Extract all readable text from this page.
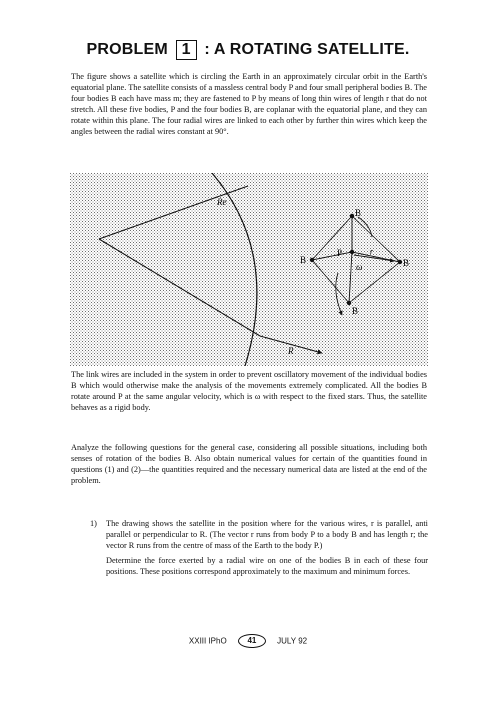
PROBLEM 1 : A ROTATING SATELLITE.

The figure shows a satellite which is circling the Earth in an approximately circular orbit in the Earth's equatorial plane. The satellite consists of a massless central body P and four small peripheral bodies B. The four bodies B each have mass m; they are fastened to P by means of long thin wires of length r that do not stretch. All these five bodies, P and the four bodies B, are coplanar with the equatorial plane, and they can rotate within this plane. The four radial wires are linked to each other by further thin wires which keep the angles between the radial wires constant at 90°.

Re
P
B
B	B
B
r
ω
R

The link wires are included in the system in order to prevent oscillatory movement of the individual bodies B which would otherwise make the analysis of the movements extremely complicated. All the bodies B rotate around P at the same angular velocity, which is ω with respect to the fixed stars. Thus, the satellite behaves as a rigid body.

Analyze the following questions for the general case, considering all possible situations, including both senses of rotation of the bodies B. Also obtain numerical values for certain of the quantities found in questions (1) and (2)—the quantities required and the necessary numerical data are listed at the end of the problem.

1) The drawing shows the satellite in the position where for the various wires, r is parallel, anti parallel or perpendicular to R. (The vector r runs from body P to a body B and has length r; the vector R runs from the centre of mass of the Earth to the body P.)

Determine the force exerted by a radial wire on one of the bodies B in each of these four positions. These positions correspond approximately to the maximum and minimum forces.

XXIII IPhO	41	JULY 92
